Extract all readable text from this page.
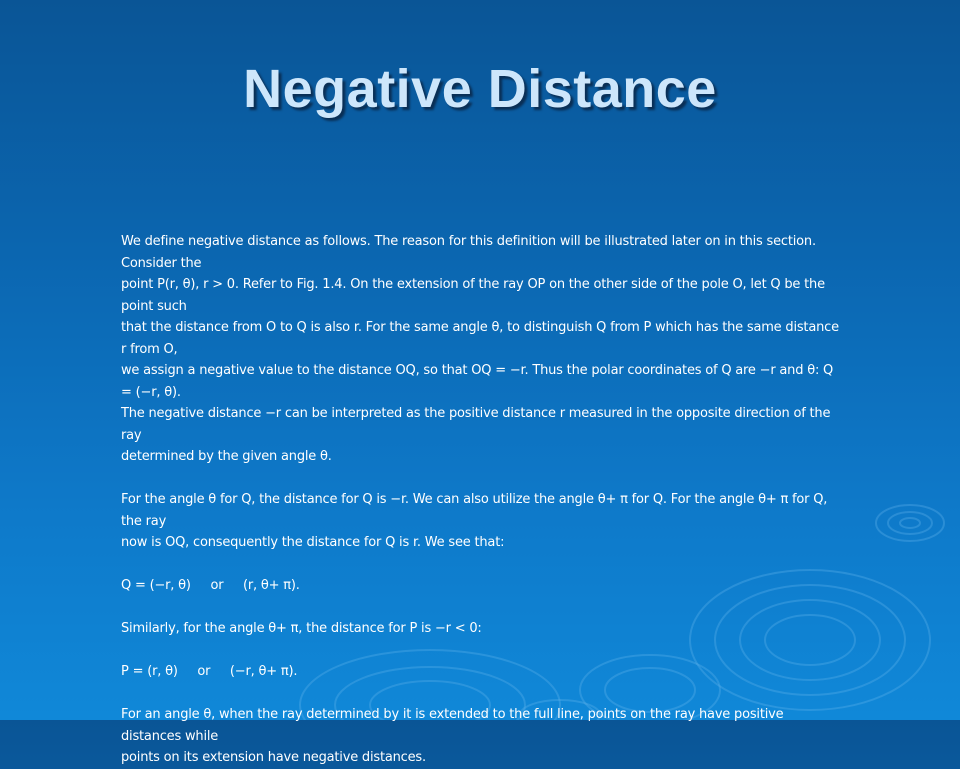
Negative Distance

We define negative distance as follows. The reason for this definition will be illustrated later on in this section. Consider the

point P(r, θ), r > 0. Refer to Fig. 1.4. On the extension of the ray OP on the other side of the pole O, let Q be the point such

that the distance from O to Q is also r. For the same angle θ, to distinguish Q from P which has the same distance r from O,

we assign a negative value to the distance OQ, so that OQ = −r. Thus the polar coordinates of Q are −r and θ: Q = (−r, θ).

The negative distance −r can be interpreted as the positive distance r measured in the opposite direction of the ray

determined by the given angle θ.

For the angle θ for Q, the distance for Q is −r. We can also utilize the angle θ+ π for Q. For the angle θ+ π for Q, the ray

now is OQ, consequently the distance for Q is r. We see that:

Q = (−r, θ)     or     (r, θ+ π).

Similarly, for the angle θ+ π, the distance for P is −r < 0:

P = (r, θ)     or     (−r, θ+ π).

For an angle θ, when the ray determined by it is extended to the full line, points on the ray have positive distances while

points on its extension have negative distances.
